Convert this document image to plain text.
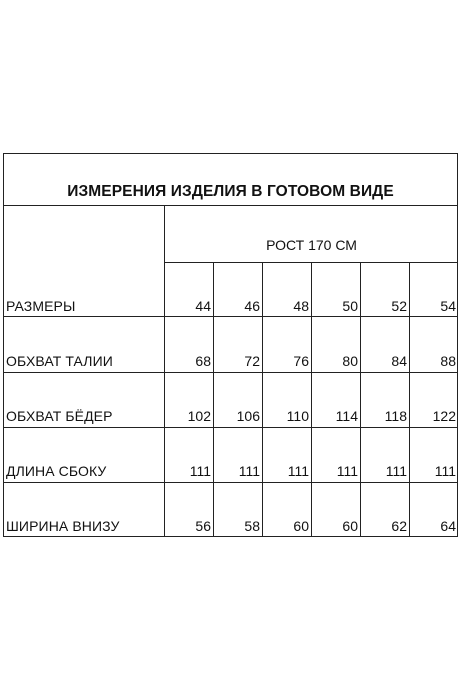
ИЗМЕРЕНИЯ ИЗДЕЛИЯ В ГОТОВОМ ВИДЕ
РОСТ 170 СМ
РАЗМЕРЫ	44	46	48	50	52	54
ОБХВАТ ТАЛИИ	68	72	76	80	84	88
ОБХВАТ БЁДЕР	102	106	110	114	118	122
ДЛИНА СБОКУ	111	111	111	111	111	111
ШИРИНА ВНИЗУ	56	58	60	60	62	64
